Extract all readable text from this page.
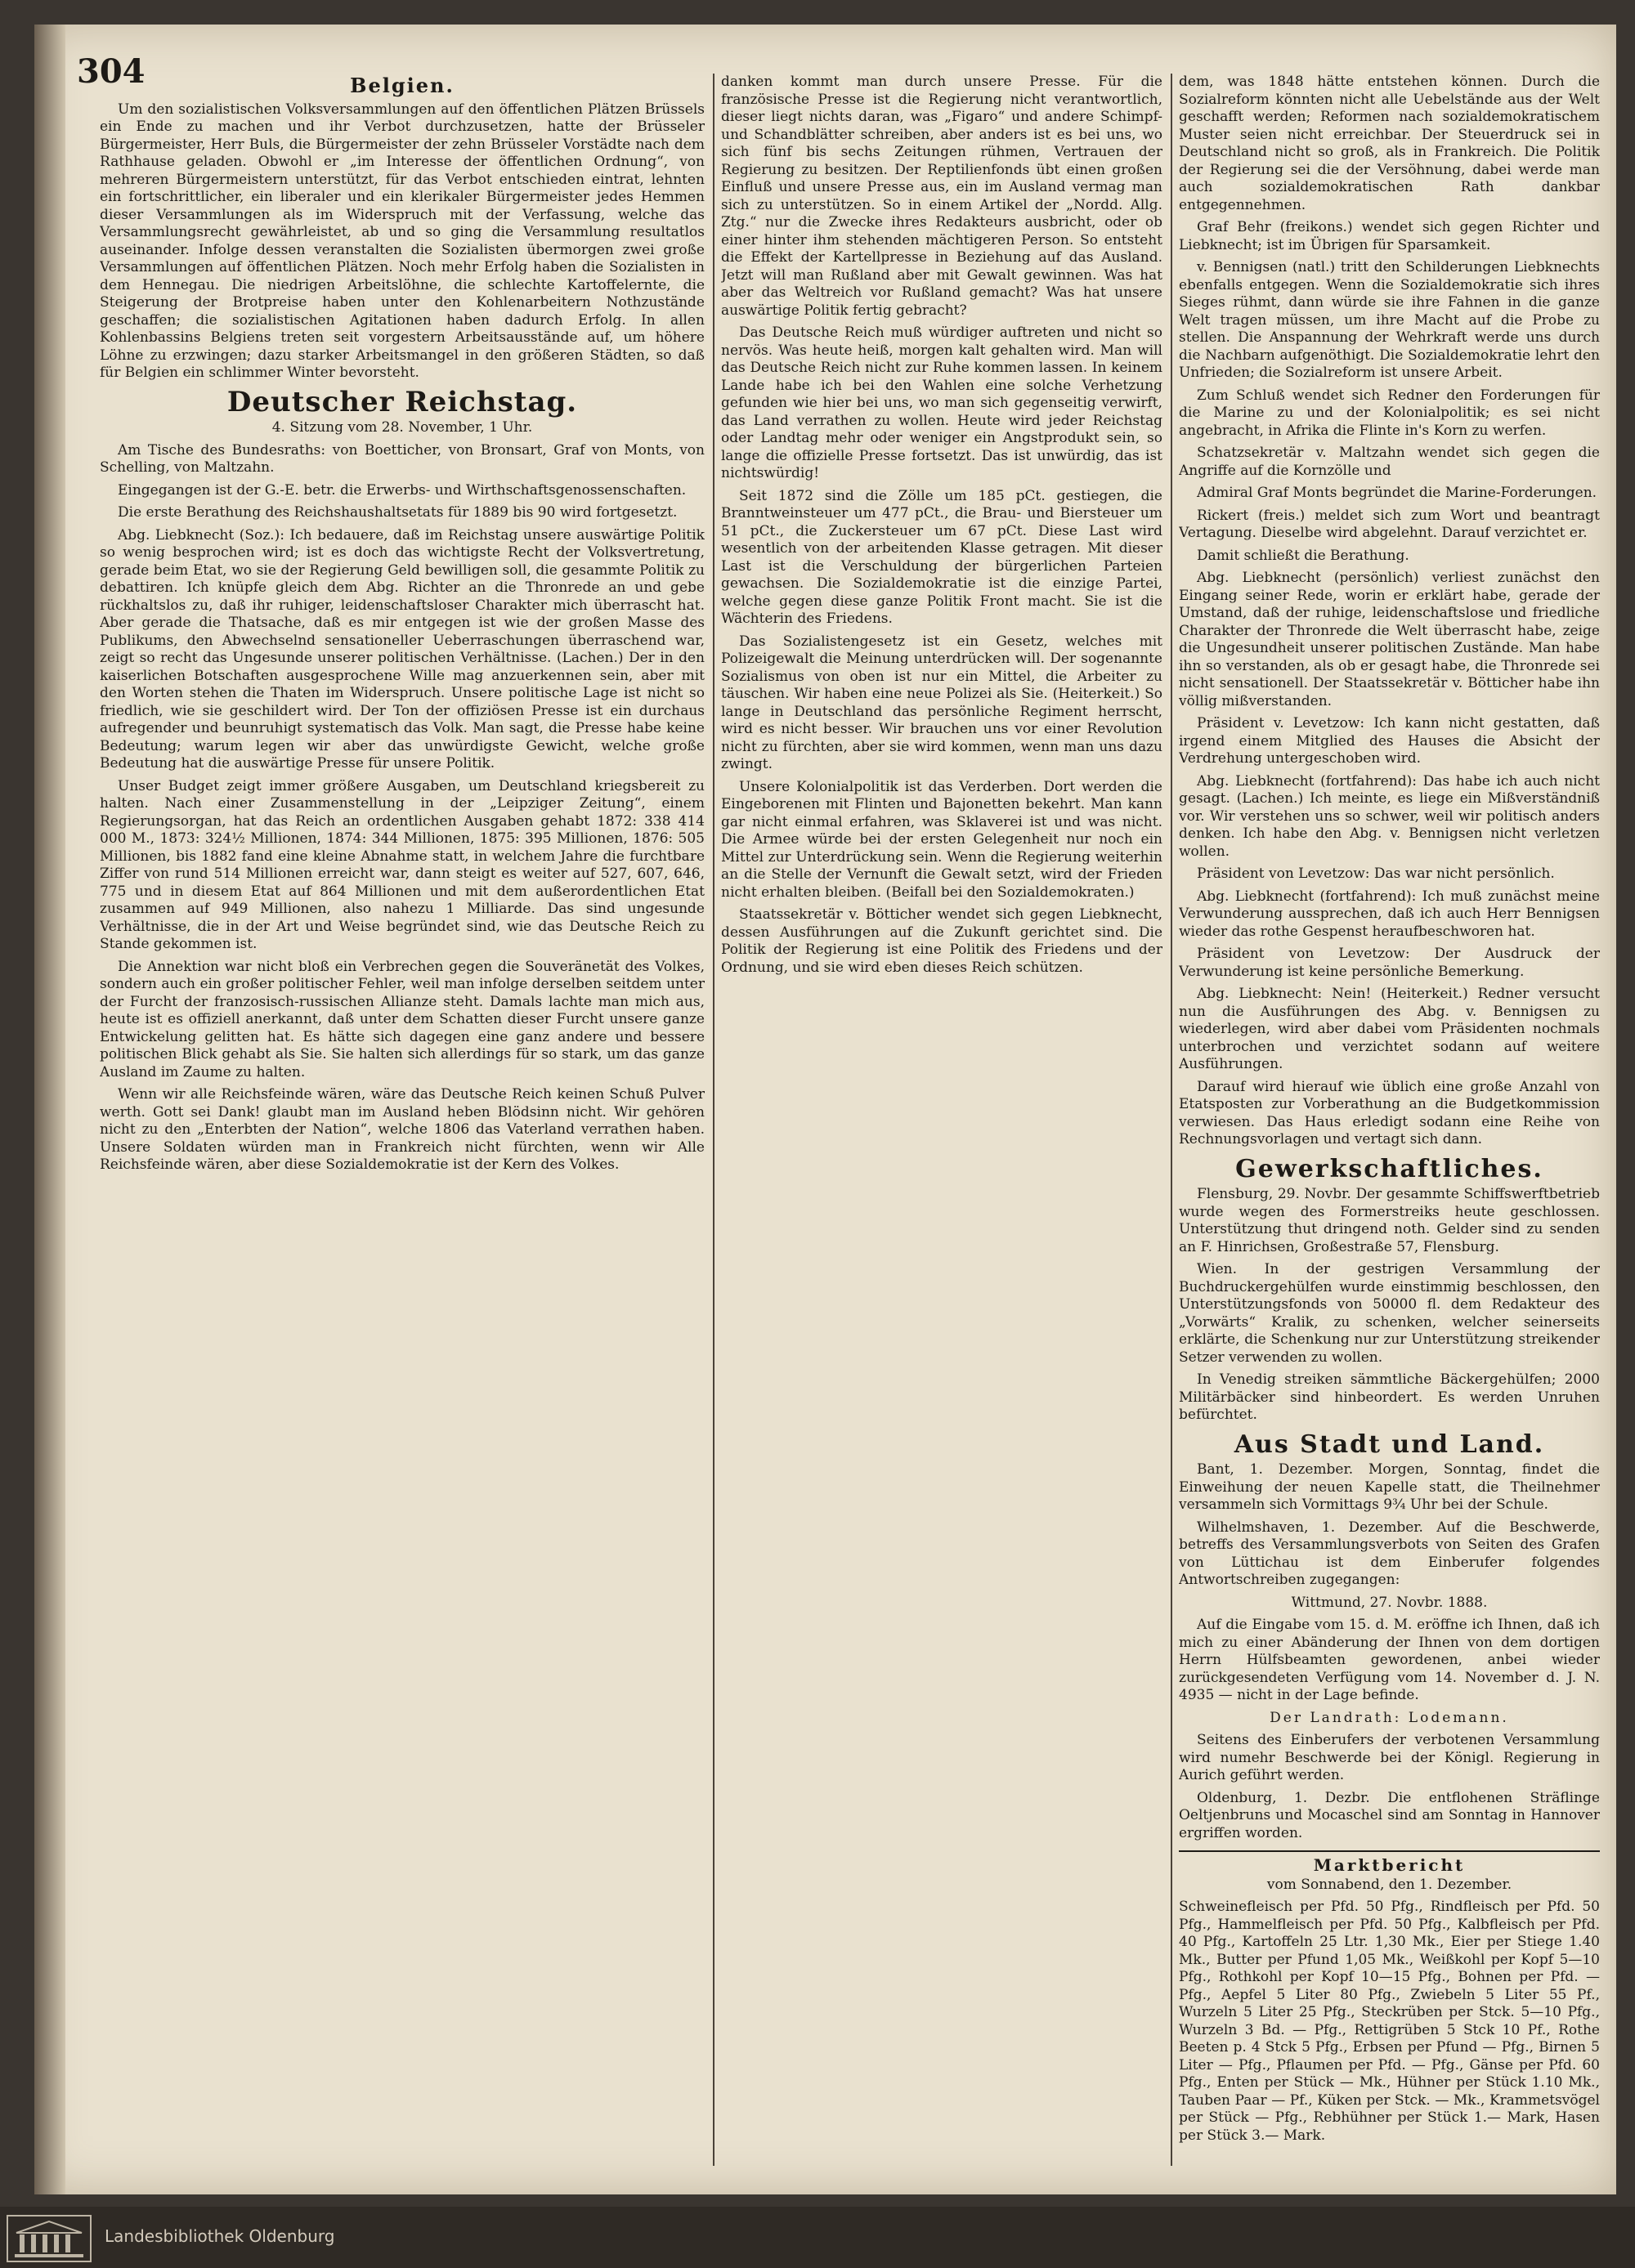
304	Belgien.

Um den sozialistischen Volksversammlungen auf den öffentlichen Plätzen Brüssels ein Ende zu machen und ihr Verbot durchzusetzen, hatte der Brüsseler Bürgermeister, Herr Buls, die Bürgermeister der zehn Brüsseler Vorstädte nach dem Rathhause geladen. Obwohl er „im Interesse der öffentlichen Ordnung“, von mehreren Bürgermeistern unterstützt, für das Verbot entschieden eintrat, lehnten ein fortschrittlicher, ein liberaler und ein klerikaler Bürgermeister jedes Hemmen dieser Versammlungen als im Widerspruch mit der Verfassung, welche das Versammlungsrecht gewährleistet, ab und so ging die Versammlung resultatlos auseinander. Infolge dessen veranstalten die Sozialisten übermorgen zwei große Versammlungen auf öffentlichen Plätzen. Noch mehr Erfolg haben die Sozialisten in dem Hennegau. Die niedrigen Arbeitslöhne, die schlechte Kartoffelernte, die Steigerung der Brotpreise haben unter den Kohlenarbeitern Nothzustände geschaffen; die sozialistischen Agitationen haben dadurch Erfolg. In allen Kohlenbassins Belgiens treten seit vorgestern Arbeitsausstände auf, um höhere Löhne zu erzwingen; dazu starker Arbeitsmangel in den größeren Städten, so daß für Belgien ein schlimmer Winter bevorsteht.

Deutscher Reichstag.

4. Sitzung vom 28. November, 1 Uhr.

Am Tische des Bundesraths: von Boetticher, von Bronsart, Graf von Monts, von Schelling, von Maltzahn.

Eingegangen ist der G.-E. betr. die Erwerbs- und Wirthschaftsgenossenschaften.

Die erste Berathung des Reichshaushaltsetats für 1889 bis 90 wird fortgesetzt.

Abg. Liebknecht (Soz.): Ich bedauere, daß im Reichstag unsere auswärtige Politik so wenig besprochen wird; ist es doch das wichtigste Recht der Volksvertretung, gerade beim Etat, wo sie der Regierung Geld bewilligen soll, die gesammte Politik zu debattiren. Ich knüpfe gleich dem Abg. Richter an die Thronrede an und gebe rückhaltslos zu, daß ihr ruhiger, leidenschaftsloser Charakter mich überrascht hat. Aber gerade die Thatsache, daß es mir entgegen ist wie der großen Masse des Publikums, den Abwechselnd sensationeller Ueberraschungen überraschend war, zeigt so recht das Ungesunde unserer politischen Verhältnisse. (Lachen.) Der in den kaiserlichen Botschaften ausgesprochene Wille mag anzuerkennen sein, aber mit den Worten stehen die Thaten im Widerspruch. Unsere politische Lage ist nicht so friedlich, wie sie geschildert wird. Der Ton der offiziösen Presse ist ein durchaus aufregender und beunruhigt systematisch das Volk. Man sagt, die Presse habe keine Bedeutung; warum legen wir aber das unwürdigste Gewicht, welche große Bedeutung hat die auswärtige Presse für unsere Politik.

Unser Budget zeigt immer größere Ausgaben, um Deutschland kriegsbereit zu halten. Nach einer Zusammenstellung in der „Leipziger Zeitung“, einem Regierungsorgan, hat das Reich an ordentlichen Ausgaben gehabt 1872: 338 414 000 M., 1873: 324½ Millionen, 1874: 344 Millionen, 1875: 395 Millionen, 1876: 505 Millionen, bis 1882 fand eine kleine Abnahme statt, in welchem Jahre die furchtbare Ziffer von rund 514 Millionen erreicht war, dann steigt es weiter auf 527, 607, 646, 775 und in diesem Etat auf 864 Millionen und mit dem außerordentlichen Etat zusammen auf 949 Millionen, also nahezu 1 Milliarde. Das sind ungesunde Verhältnisse, die in der Art und Weise begründet sind, wie das Deutsche Reich zu Stande gekommen ist.

Die Annektion war nicht bloß ein Verbrechen gegen die Souveränetät des Volkes, sondern auch ein großer politischer Fehler, weil man infolge derselben seitdem unter der Furcht der franzosisch-russischen Allianze steht. Damals lachte man mich aus, heute ist es offiziell anerkannt, daß unter dem Schatten dieser Furcht unsere ganze Entwickelung gelitten hat. Es hätte sich dagegen eine ganz andere und bessere politischen Blick gehabt als Sie. Sie halten sich allerdings für so stark, um das ganze Ausland im Zaume zu halten.

Wenn wir alle Reichsfeinde wären, wäre das Deutsche Reich keinen Schuß Pulver werth. Gott sei Dank! glaubt man im Ausland heben Blödsinn nicht. Wir gehören nicht zu den „Enterbten der Nation“, welche 1806 das Vaterland verrathen haben. Unsere Soldaten würden man in Frankreich nicht fürchten, wenn wir Alle Reichsfeinde wären, aber diese Sozialdemokratie ist der Kern des Volkes.

danken kommt man durch unsere Presse. Für die französische Presse ist die Regierung nicht verantwortlich, dieser liegt nichts daran, was „Figaro“ und andere Schimpf- und Schandblätter schreiben, aber anders ist es bei uns, wo sich fünf bis sechs Zeitungen rühmen, Vertrauen der Regierung zu besitzen. Der Reptilienfonds übt einen großen Einfluß und unsere Presse aus, ein im Ausland vermag man sich zu unterstützen. So in einem Artikel der „Nordd. Allg. Ztg.“ nur die Zwecke ihres Redakteurs ausbricht, oder ob einer hinter ihm stehenden mächtigeren Person. So entsteht die Effekt der Kartellpresse in Beziehung auf das Ausland. Jetzt will man Rußland aber mit Gewalt gewinnen. Was hat aber das Weltreich vor Rußland gemacht? Was hat unsere auswärtige Politik fertig gebracht?

Das Deutsche Reich muß würdiger auftreten und nicht so nervös. Was heute heiß, morgen kalt gehalten wird. Man will das Deutsche Reich nicht zur Ruhe kommen lassen. In keinem Lande habe ich bei den Wahlen eine solche Verhetzung gefunden wie hier bei uns, wo man sich gegenseitig verwirft, das Land verrathen zu wollen. Heute wird jeder Reichstag oder Landtag mehr oder weniger ein Angstprodukt sein, so lange die offizielle Presse fortsetzt. Das ist unwürdig, das ist nichtswürdig!

Seit 1872 sind die Zölle um 185 pCt. gestiegen, die Branntweinsteuer um 477 pCt., die Brau- und Biersteuer um 51 pCt., die Zuckersteuer um 67 pCt. Diese Last wird wesentlich von der arbeitenden Klasse getragen. Mit dieser Last ist die Verschuldung der bürgerlichen Parteien gewachsen. Die Sozialdemokratie ist die einzige Partei, welche gegen diese ganze Politik Front macht. Sie ist die Wächterin des Friedens.

Das Sozialistengesetz ist ein Gesetz, welches mit Polizeigewalt die Meinung unterdrücken will. Der sogenannte Sozialismus von oben ist nur ein Mittel, die Arbeiter zu täuschen. Wir haben eine neue Polizei als Sie. (Heiterkeit.) So lange in Deutschland das persönliche Regiment herrscht, wird es nicht besser. Wir brauchen uns vor einer Revolution nicht zu fürchten, aber sie wird kommen, wenn man uns dazu zwingt.

Unsere Kolonialpolitik ist das Verderben. Dort werden die Eingeborenen mit Flinten und Bajonetten bekehrt. Man kann gar nicht einmal erfahren, was Sklaverei ist und was nicht. Die Armee würde bei der ersten Gelegenheit nur noch ein Mittel zur Unterdrückung sein. Wenn die Regierung weiterhin an die Stelle der Vernunft die Gewalt setzt, wird der Frieden nicht erhalten bleiben. (Beifall bei den Sozialdemokraten.)

Staatssekretär v. Bötticher wendet sich gegen Liebknecht, dessen Ausführungen auf die Zukunft gerichtet sind. Die Politik der Regierung ist eine Politik des Friedens und der Ordnung, und sie wird eben dieses Reich schützen.

dem, was 1848 hätte entstehen können. Durch die Sozialreform könnten nicht alle Uebelstände aus der Welt geschafft werden; Reformen nach sozialdemokratischem Muster seien nicht erreichbar. Der Steuerdruck sei in Deutschland nicht so groß, als in Frankreich. Die Politik der Regierung sei die der Versöhnung, dabei werde man auch sozialdemokratischen Rath dankbar entgegennehmen.

Graf Behr (freikons.) wendet sich gegen Richter und Liebknecht; ist im Übrigen für Sparsamkeit.

v. Bennigsen (natl.) tritt den Schilderungen Liebknechts ebenfalls entgegen. Wenn die Sozialdemokratie sich ihres Sieges rühmt, dann würde sie ihre Fahnen in die ganze Welt tragen müssen, um ihre Macht auf die Probe zu stellen. Die Anspannung der Wehrkraft werde uns durch die Nachbarn aufgenöthigt. Die Sozialdemokratie lehrt den Unfrieden; die Sozialreform ist unsere Arbeit.

Zum Schluß wendet sich Redner den Forderungen für die Marine zu und der Kolonialpolitik; es sei nicht angebracht, in Afrika die Flinte in's Korn zu werfen.

Schatzsekretär v. Maltzahn wendet sich gegen die Angriffe auf die Kornzölle und

Admiral Graf Monts begründet die Marine-Forderungen.

Rickert (freis.) meldet sich zum Wort und beantragt Vertagung. Dieselbe wird abgelehnt. Darauf verzichtet er.

Damit schließt die Berathung.

Abg. Liebknecht (persönlich) verliest zunächst den Eingang seiner Rede, worin er erklärt habe, gerade der Umstand, daß der ruhige, leidenschaftslose und friedliche Charakter der Thronrede die Welt überrascht habe, zeige die Ungesundheit unserer politischen Zustände. Man habe ihn so verstanden, als ob er gesagt habe, die Thronrede sei nicht sensationell. Der Staatssekretär v. Bötticher habe ihn völlig mißverstanden.

Präsident v. Levetzow: Ich kann nicht gestatten, daß irgend einem Mitglied des Hauses die Absicht der Verdrehung untergeschoben wird.

Abg. Liebknecht (fortfahrend): Das habe ich auch nicht gesagt. (Lachen.) Ich meinte, es liege ein Mißverständniß vor. Wir verstehen uns so schwer, weil wir politisch anders denken. Ich habe den Abg. v. Bennigsen nicht verletzen wollen.

Präsident von Levetzow: Das war nicht persönlich.

Abg. Liebknecht (fortfahrend): Ich muß zunächst meine Verwunderung aussprechen, daß ich auch Herr Bennigsen wieder das rothe Gespenst heraufbeschworen hat.

Präsident von Levetzow: Der Ausdruck der Verwunderung ist keine persönliche Bemerkung.

Abg. Liebknecht: Nein! (Heiterkeit.) Redner versucht nun die Ausführungen des Abg. v. Bennigsen zu wiederlegen, wird aber dabei vom Präsidenten nochmals unterbrochen und verzichtet sodann auf weitere Ausführungen.

Darauf wird hierauf wie üblich eine große Anzahl von Etatsposten zur Vorberathung an die Budgetkommission verwiesen. Das Haus erledigt sodann eine Reihe von Rechnungsvorlagen und vertagt sich dann.

Gewerkschaftliches.

Flensburg, 29. Novbr. Der gesammte Schiffswerftbetrieb wurde wegen des Formerstreiks heute geschlossen. Unterstützung thut dringend noth. Gelder sind zu senden an F. Hinrichsen, Großestraße 57, Flensburg.

Wien. In der gestrigen Versammlung der Buchdruckergehülfen wurde einstimmig beschlossen, den Unterstützungsfonds von 50000 fl. dem Redakteur des „Vorwärts“ Kralik, zu schenken, welcher seinerseits erklärte, die Schenkung nur zur Unterstützung streikender Setzer verwenden zu wollen.

In Venedig streiken sämmtliche Bäckergehülfen; 2000 Militärbäcker sind hinbeordert. Es werden Unruhen befürchtet.

Aus Stadt und Land.

Bant, 1. Dezember. Morgen, Sonntag, findet die Einweihung der neuen Kapelle statt, die Theilnehmer versammeln sich Vormittags 9¾ Uhr bei der Schule.

Wilhelmshaven, 1. Dezember. Auf die Beschwerde, betreffs des Versammlungsverbots von Seiten des Grafen von Lüttichau ist dem Einberufer folgendes Antwortschreiben zugegangen:

Wittmund, 27. Novbr. 1888.

Auf die Eingabe vom 15. d. M. eröffne ich Ihnen, daß ich mich zu einer Abänderung der Ihnen von dem dortigen Herrn Hülfsbeamten gewordenen, anbei wieder zurückgesendeten Verfügung vom 14. November d. J. N. 4935 — nicht in der Lage befinde.

Der Landrath: Lodemann.

Seitens des Einberufers der verbotenen Versammlung wird numehr Beschwerde bei der Königl. Regierung in Aurich geführt werden.

Oldenburg, 1. Dezbr. Die entflohenen Sträflinge Oeltjenbruns und Mocaschel sind am Sonntag in Hannover ergriffen worden.

Marktbericht
vom Sonnabend, den 1. Dezember.

Schweinefleisch per Pfd. 50 Pfg., Rindfleisch per Pfd. 50 Pfg., Hammelfleisch per Pfd. 50 Pfg., Kalbfleisch per Pfd. 40 Pfg., Kartoffeln 25 Ltr. 1,30 Mk., Eier per Stiege 1.40 Mk., Butter per Pfund 1,05 Mk., Weißkohl per Kopf 5—10 Pfg., Rothkohl per Kopf 10—15 Pfg., Bohnen per Pfd. — Pfg., Aepfel 5 Liter 80 Pfg., Zwiebeln 5 Liter 55 Pf., Wurzeln 5 Liter 25 Pfg., Steckrüben per Stck. 5—10 Pfg., Wurzeln 3 Bd. — Pfg., Rettigrüben 5 Stck 10 Pf., Rothe Beeten p. 4 Stck 5 Pfg., Erbsen per Pfund — Pfg., Birnen 5 Liter — Pfg., Pflaumen per Pfd. — Pfg., Gänse per Pfd. 60 Pfg., Enten per Stück — Mk., Hühner per Stück 1.10 Mk., Tauben Paar — Pf., Küken per Stck. — Mk., Krammetsvögel per Stück — Pfg., Rebhühner per Stück 1.— Mark, Hasen per Stück 3.— Mark.

Landesbibliothek Oldenburg
